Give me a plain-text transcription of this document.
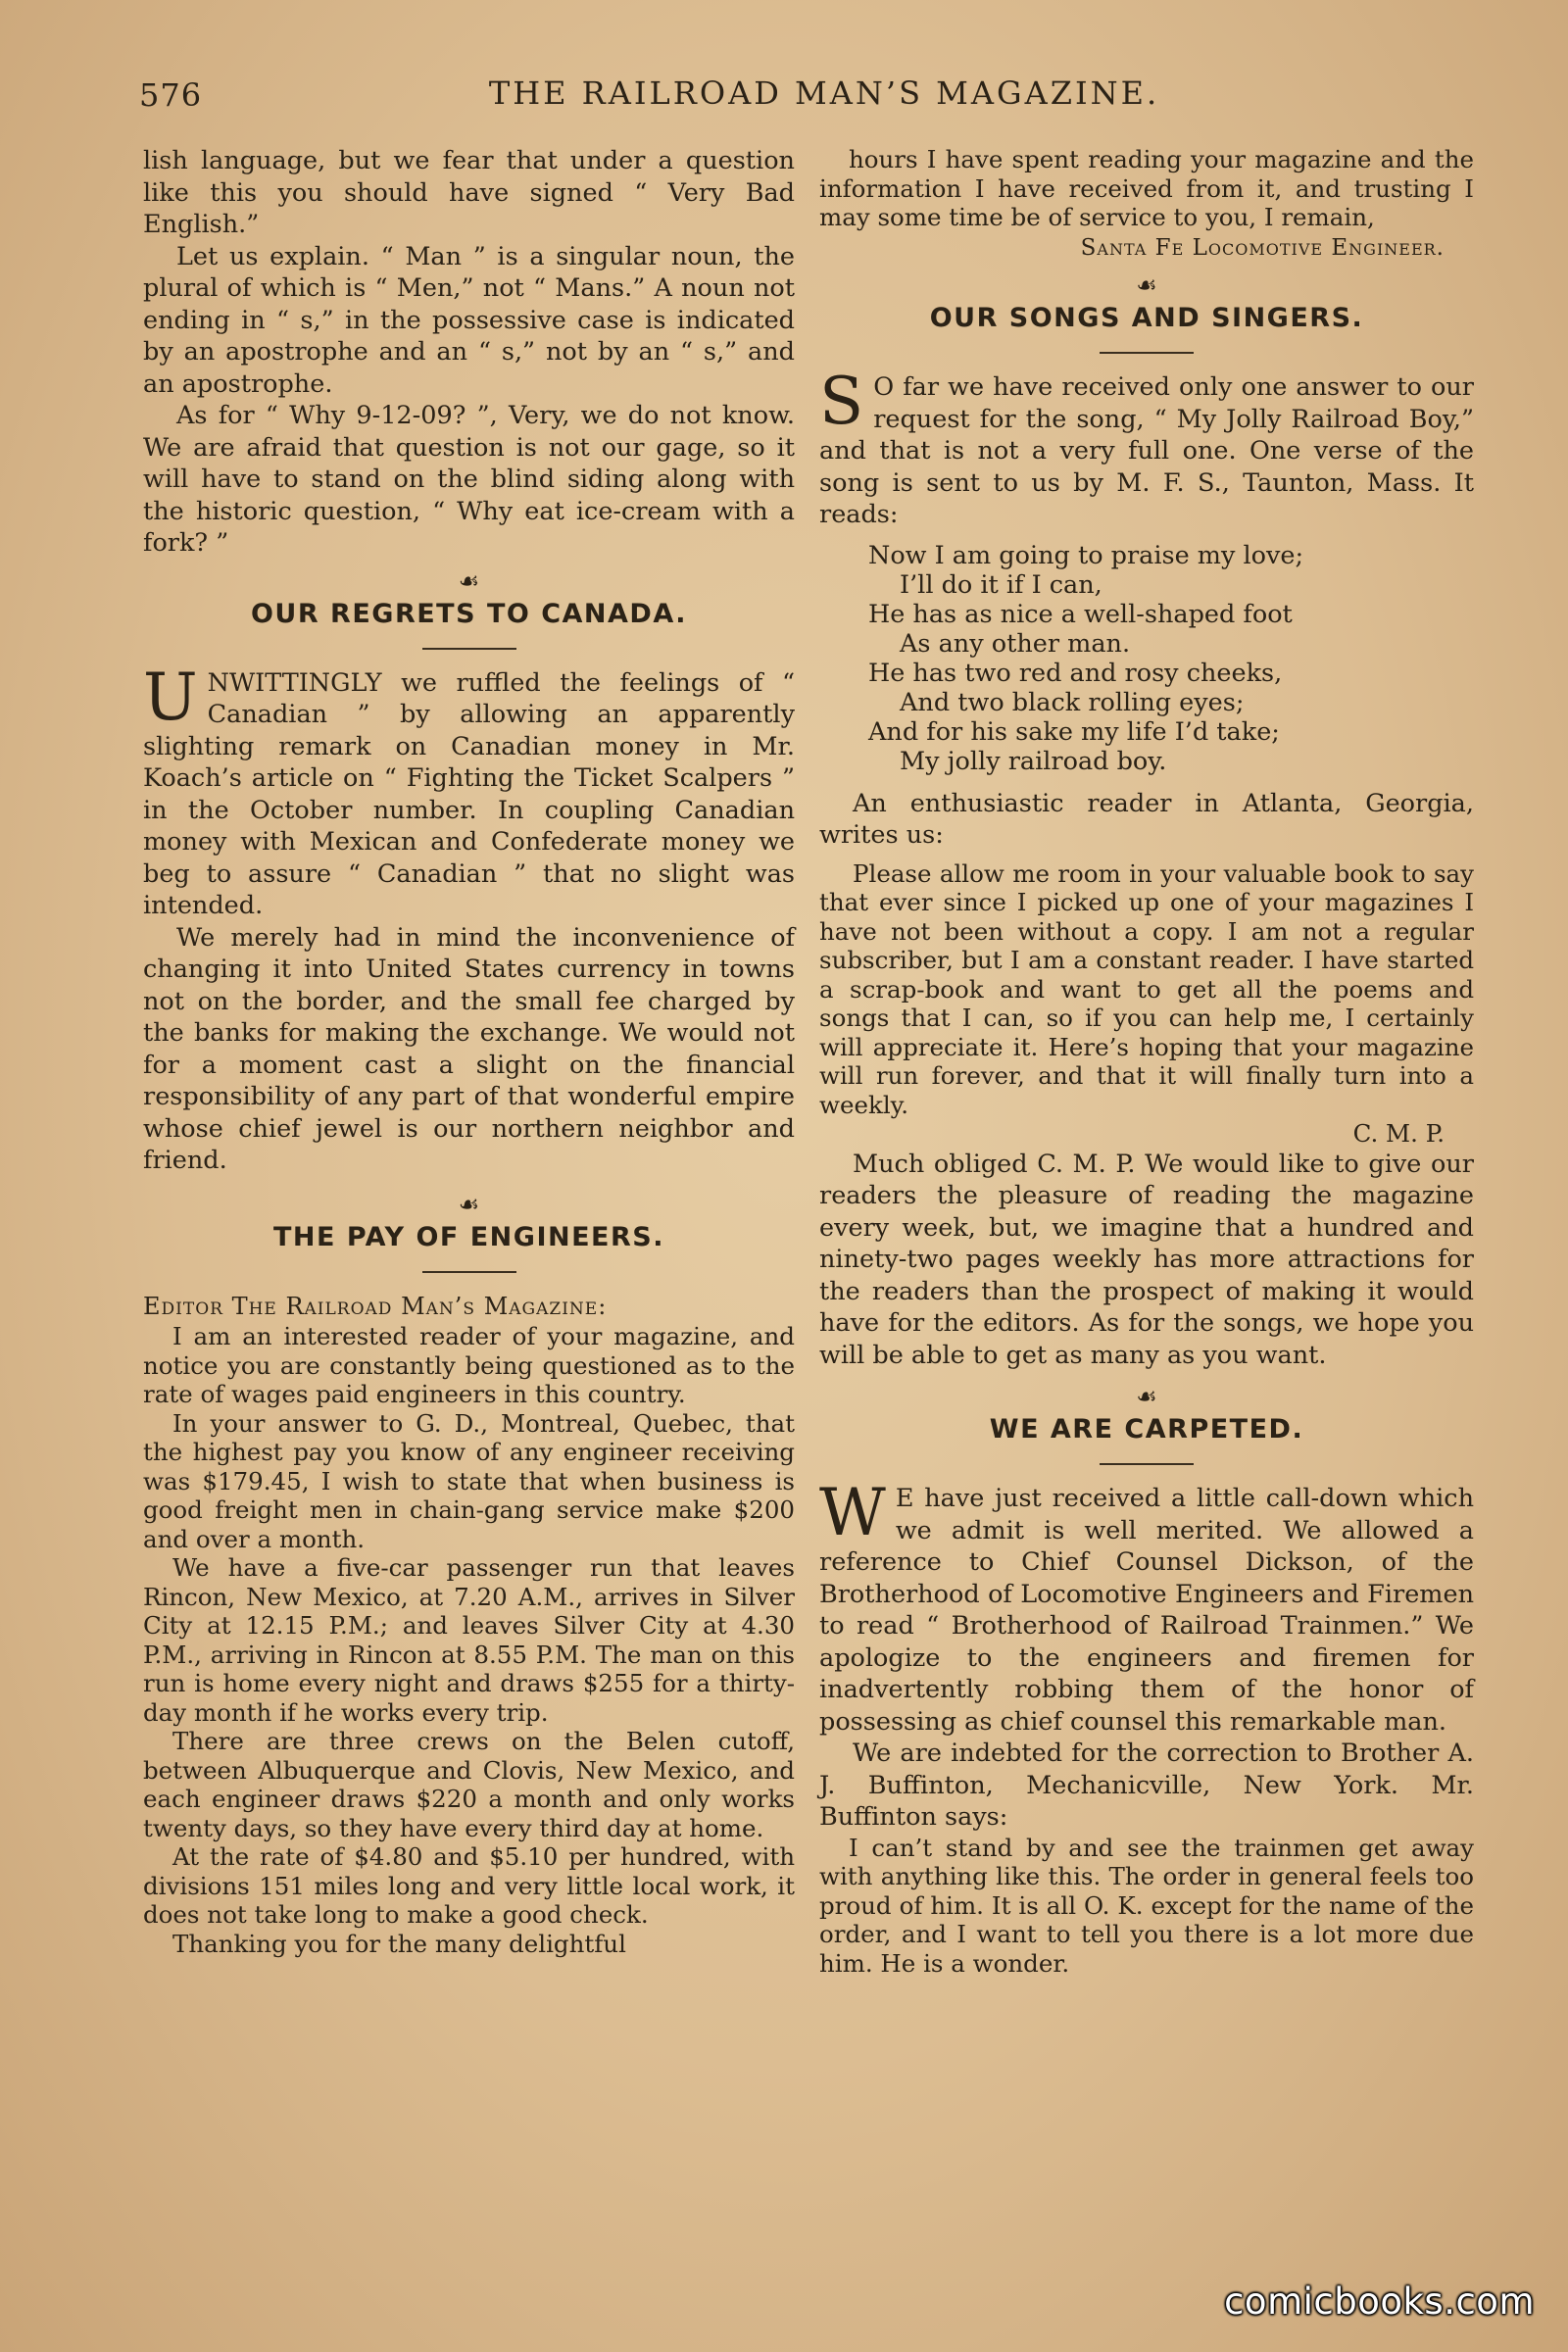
576	THE RAILROAD MAN’S MAGAZINE.

lish language, but we fear that under a question like this you should have signed “ Very Bad English.”

Let us explain. “ Man ” is a singular noun, the plural of which is “ Men,” not “ Mans.” A noun not ending in “ s,” in the possessive case is indicated by an apostrophe and an “ s,” not by an “ s,” and an apostrophe.

As for “ Why 9-12-09? ”, Very, we do not know. We are afraid that question is not our gage, so it will have to stand on the blind siding along with the historic question, “ Why eat ice-cream with a fork? ”

☙
OUR REGRETS TO CANADA.

UNWITTINGLY we ruffled the feelings of “ Canadian ” by allowing an apparently slighting remark on Canadian money in Mr. Koach’s article on “ Fighting the Ticket Scalpers ” in the October number. In coupling Canadian money with Mexican and Confederate money we beg to assure “ Canadian ” that no slight was intended.

We merely had in mind the inconvenience of changing it into United States currency in towns not on the border, and the small fee charged by the banks for making the exchange. We would not for a moment cast a slight on the financial responsibility of any part of that wonderful empire whose chief jewel is our northern neighbor and friend.

☙
THE PAY OF ENGINEERS.

Editor The Railroad Man’s Magazine:

I am an interested reader of your magazine, and notice you are constantly being questioned as to the rate of wages paid engineers in this country.

In your answer to G. D., Montreal, Quebec, that the highest pay you know of any engineer receiving was $179.45, I wish to state that when business is good freight men in chain-gang service make $200 and over a month.

We have a five-car passenger run that leaves Rincon, New Mexico, at 7.20 A.M., arrives in Silver City at 12.15 P.M.; and leaves Silver City at 4.30 P.M., arriving in Rincon at 8.55 P.M. The man on this run is home every night and draws $255 for a thirty-day month if he works every trip.

There are three crews on the Belen cutoff, between Albuquerque and Clovis, New Mexico, and each engineer draws $220 a month and only works twenty days, so they have every third day at home.

At the rate of $4.80 and $5.10 per hundred, with divisions 151 miles long and very little local work, it does not take long to make a good check.

Thanking you for the many delightful

hours I have spent reading your magazine and the information I have received from it, and trusting I may some time be of service to you, I remain,

Santa Fe Locomotive Engineer.
☙
OUR SONGS AND SINGERS.

S O far we have received only one answer to our request for the song, “ My Jolly Railroad Boy,” and that is not a very full one. One verse of the song is sent to us by M. F. S., Taunton, Mass. It reads:

Now I am going to praise my love;
I’ll do it if I can,
He has as nice a well-shaped foot
As any other man.
He has two red and rosy cheeks,
And two black rolling eyes;
And for his sake my life I’d take;
My jolly railroad boy.

An enthusiastic reader in Atlanta, Georgia, writes us:

Please allow me room in your valuable book to say that ever since I picked up one of your magazines I have not been without a copy. I am not a regular subscriber, but I am a constant reader. I have started a scrap-book and want to get all the poems and songs that I can, so if you can help me, I certainly will appreciate it. Here’s hoping that your magazine will run forever, and that it will finally turn into a weekly.

C. M. P.

Much obliged C. M. P. We would like to give our readers the pleasure of reading the magazine every week, but, we imagine that a hundred and ninety-two pages weekly has more attractions for the readers than the prospect of making it would have for the editors. As for the songs, we hope you will be able to get as many as you want.

☙
WE ARE CARPETED.

W E have just received a little call-down which we admit is well merited. We allowed a reference to Chief Counsel Dickson, of the Brotherhood of Locomotive Engineers and Firemen to read “ Brotherhood of Railroad Trainmen.” We apologize to the engineers and firemen for inadvertently robbing them of the honor of possessing as chief counsel this remarkable man.

We are indebted for the correction to Brother A. J. Buffinton, Mechanicville, New York. Mr. Buffinton says:

I can’t stand by and see the trainmen get away with anything like this. The order in general feels too proud of him. It is all O. K. except for the name of the order, and I want to tell you there is a lot more due him. He is a wonder.

comicbooks.com
